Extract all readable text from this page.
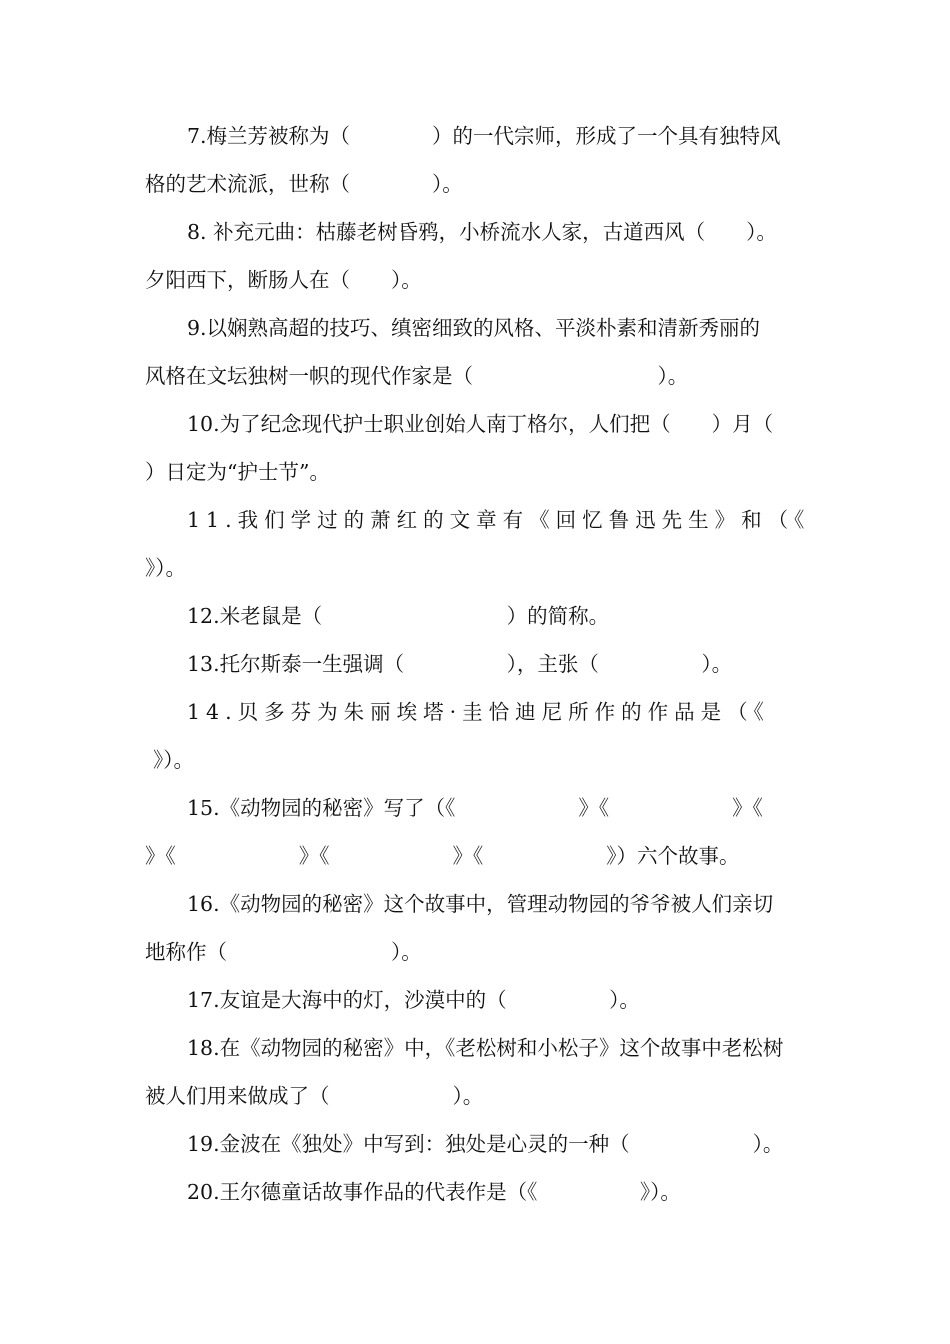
7.梅兰芳被称为（　　　　）的一代宗师，形成了一个具有独特风
格的艺术流派，世称（　　　　）。

8. 补充元曲：枯藤老树昏鸦，小桥流水人家，古道西风（　　）。
夕阳西下，断肠人在（　　）。

9.以娴熟高超的技巧、缜密细致的风格、平淡朴素和清新秀丽的
风格在文坛独树一帜的现代作家是（　　　　　　　　　）。

10.为了纪念现代护士职业创始人南丁格尔，人们把（　　）月（
）日定为“护士节”。

11.我们学过的萧红的文章有《回忆鲁迅先生》和（《
》）。

12.米老鼠是（　　　　　　　　　）的简称。

13.托尔斯泰一生强调（　　　　　），主张（　　　　　）。

14.贝多芬为朱丽埃塔·圭恰迪尼所作的作品是（《
》）。

15.《动物园的秘密》写了（《　　　　　　》《　　　　　　》《
》《　　　　　　》《　　　　　　》《　　　　　　》）六个故事。

16.《动物园的秘密》这个故事中，管理动物园的爷爷被人们亲切
地称作（　　　　　　　　）。

17.友谊是大海中的灯，沙漠中的（　　　　　）。

18.在《动物园的秘密》中，《老松树和小松子》这个故事中老松树
被人们用来做成了（　　　　　　）。

19.金波在《独处》中写到：独处是心灵的一种（　　　　　　）。

20.王尔德童话故事作品的代表作是（《　　　　　》）。
